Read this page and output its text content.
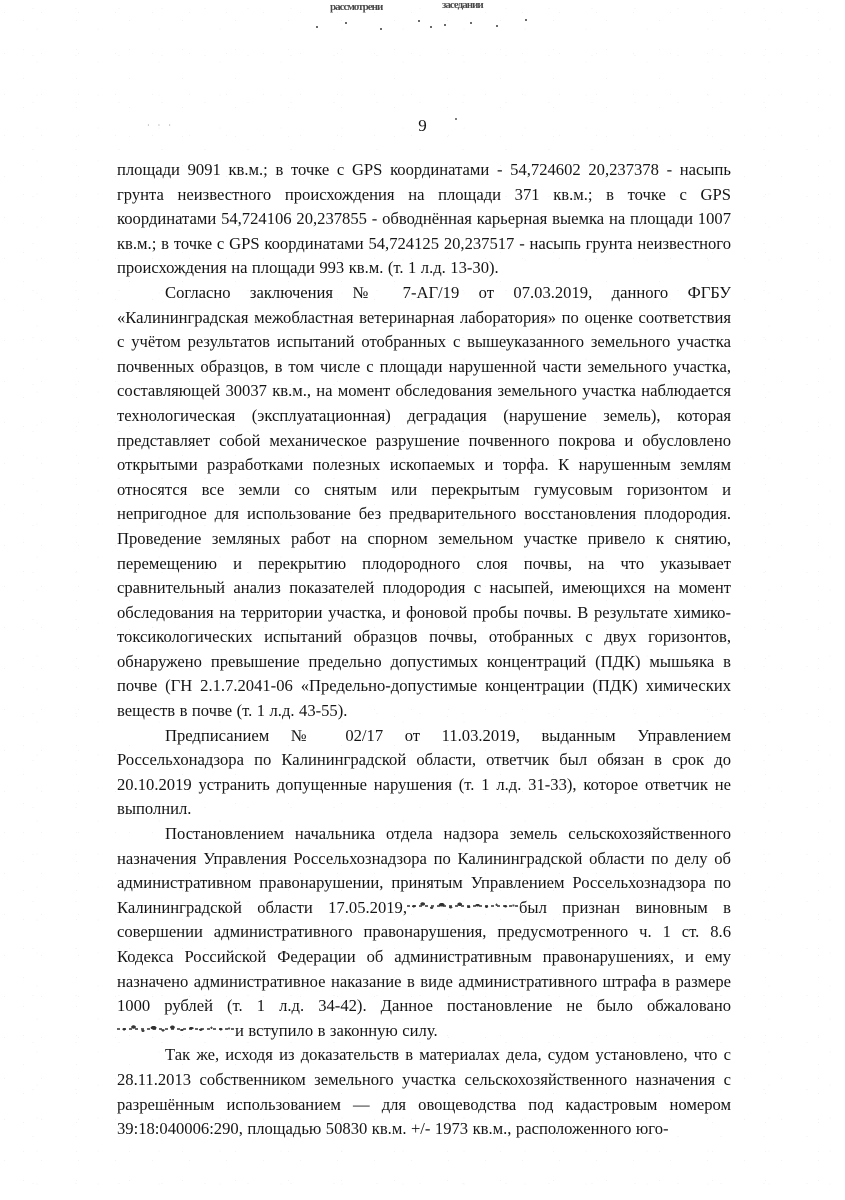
рассмотрени	заседании
· · ·	9

площади 9091 кв.м.; в точке с GPS координатами - 54,724602 20,237378 - насыпь грунта неизвестного происхождения на площади 371 кв.м.; в точке с GPS координатами 54,724106 20,237855 - обводнённая карьерная выемка на площади 1007 кв.м.; в точке с GPS координатами 54,724125 20,237517 - насыпь грунта неизвестного происхождения на площади 993 кв.м. (т. 1 л.д. 13-30).

Согласно заключения № 7-АГ/19 от 07.03.2019, данного ФГБУ «Калининградская межобластная ветеринарная лаборатория» по оценке соответствия с учётом результатов испытаний отобранных с вышеуказанного земельного участка почвенных образцов, в том числе с площади нарушенной части земельного участка, составляющей 30037 кв.м., на момент обследования земельного участка наблюдается технологическая (эксплуатационная) деградация (нарушение земель), которая представляет собой механическое разрушение почвенного покрова и обусловлено открытыми разработками полезных ископаемых и торфа. К нарушенным землям относятся все земли со снятым или перекрытым гумусовым горизонтом и непригодное для использование без предварительного восстановления плодородия. Проведение земляных работ на спорном земельном участке привело к снятию, перемещению и перекрытию плодородного слоя почвы, на что указывает сравнительный анализ показателей плодородия с насыпей, имеющихся на момент обследования на территории участка, и фоновой пробы почвы. В результате химико-токсикологических испытаний образцов почвы, отобранных с двух горизонтов, обнаружено превышение предельно допустимых концентраций (ПДК) мышьяка в почве (ГН 2.1.7.2041-06 «Предельно-допустимые концентрации (ПДК) химических веществ в почве (т. 1 л.д. 43-55).

Предписанием № 02/17 от 11.03.2019, выданным Управлением Россельхонадзора по Калининградской области, ответчик был обязан в срок до 20.10.2019 устранить допущенные нарушения (т. 1 л.д. 31-33), которое ответчик не выполнил.

Постановлением начальника отдела надзора земель сельскохозяйственного назначения Управления Россельхознадзора по Калининградской области по делу об административном правонарушении, принятым Управлением Россельхознадзора по Калининградской области 17.05.2019,	был признан виновным в совершении административного правонарушения, предусмотренного ч. 1 ст. 8.6 Кодекса Российской Федерации об административным правонарушениях, и ему назначено административное наказание в виде административного штрафа в размере 1000 рублей (т. 1 л.д. 34-42). Данное постановление не было обжалованои вступило в законную силу.

Так же, исходя из доказательств в материалах дела, судом установлено, что с 28.11.2013 собственником земельного участка сельскохозяйственного назначения с разрешённым использованием — для овощеводства под кадастровым номером 39:18:040006:290, площадью 50830 кв.м. +/- 1973 кв.м., расположенного юго-
